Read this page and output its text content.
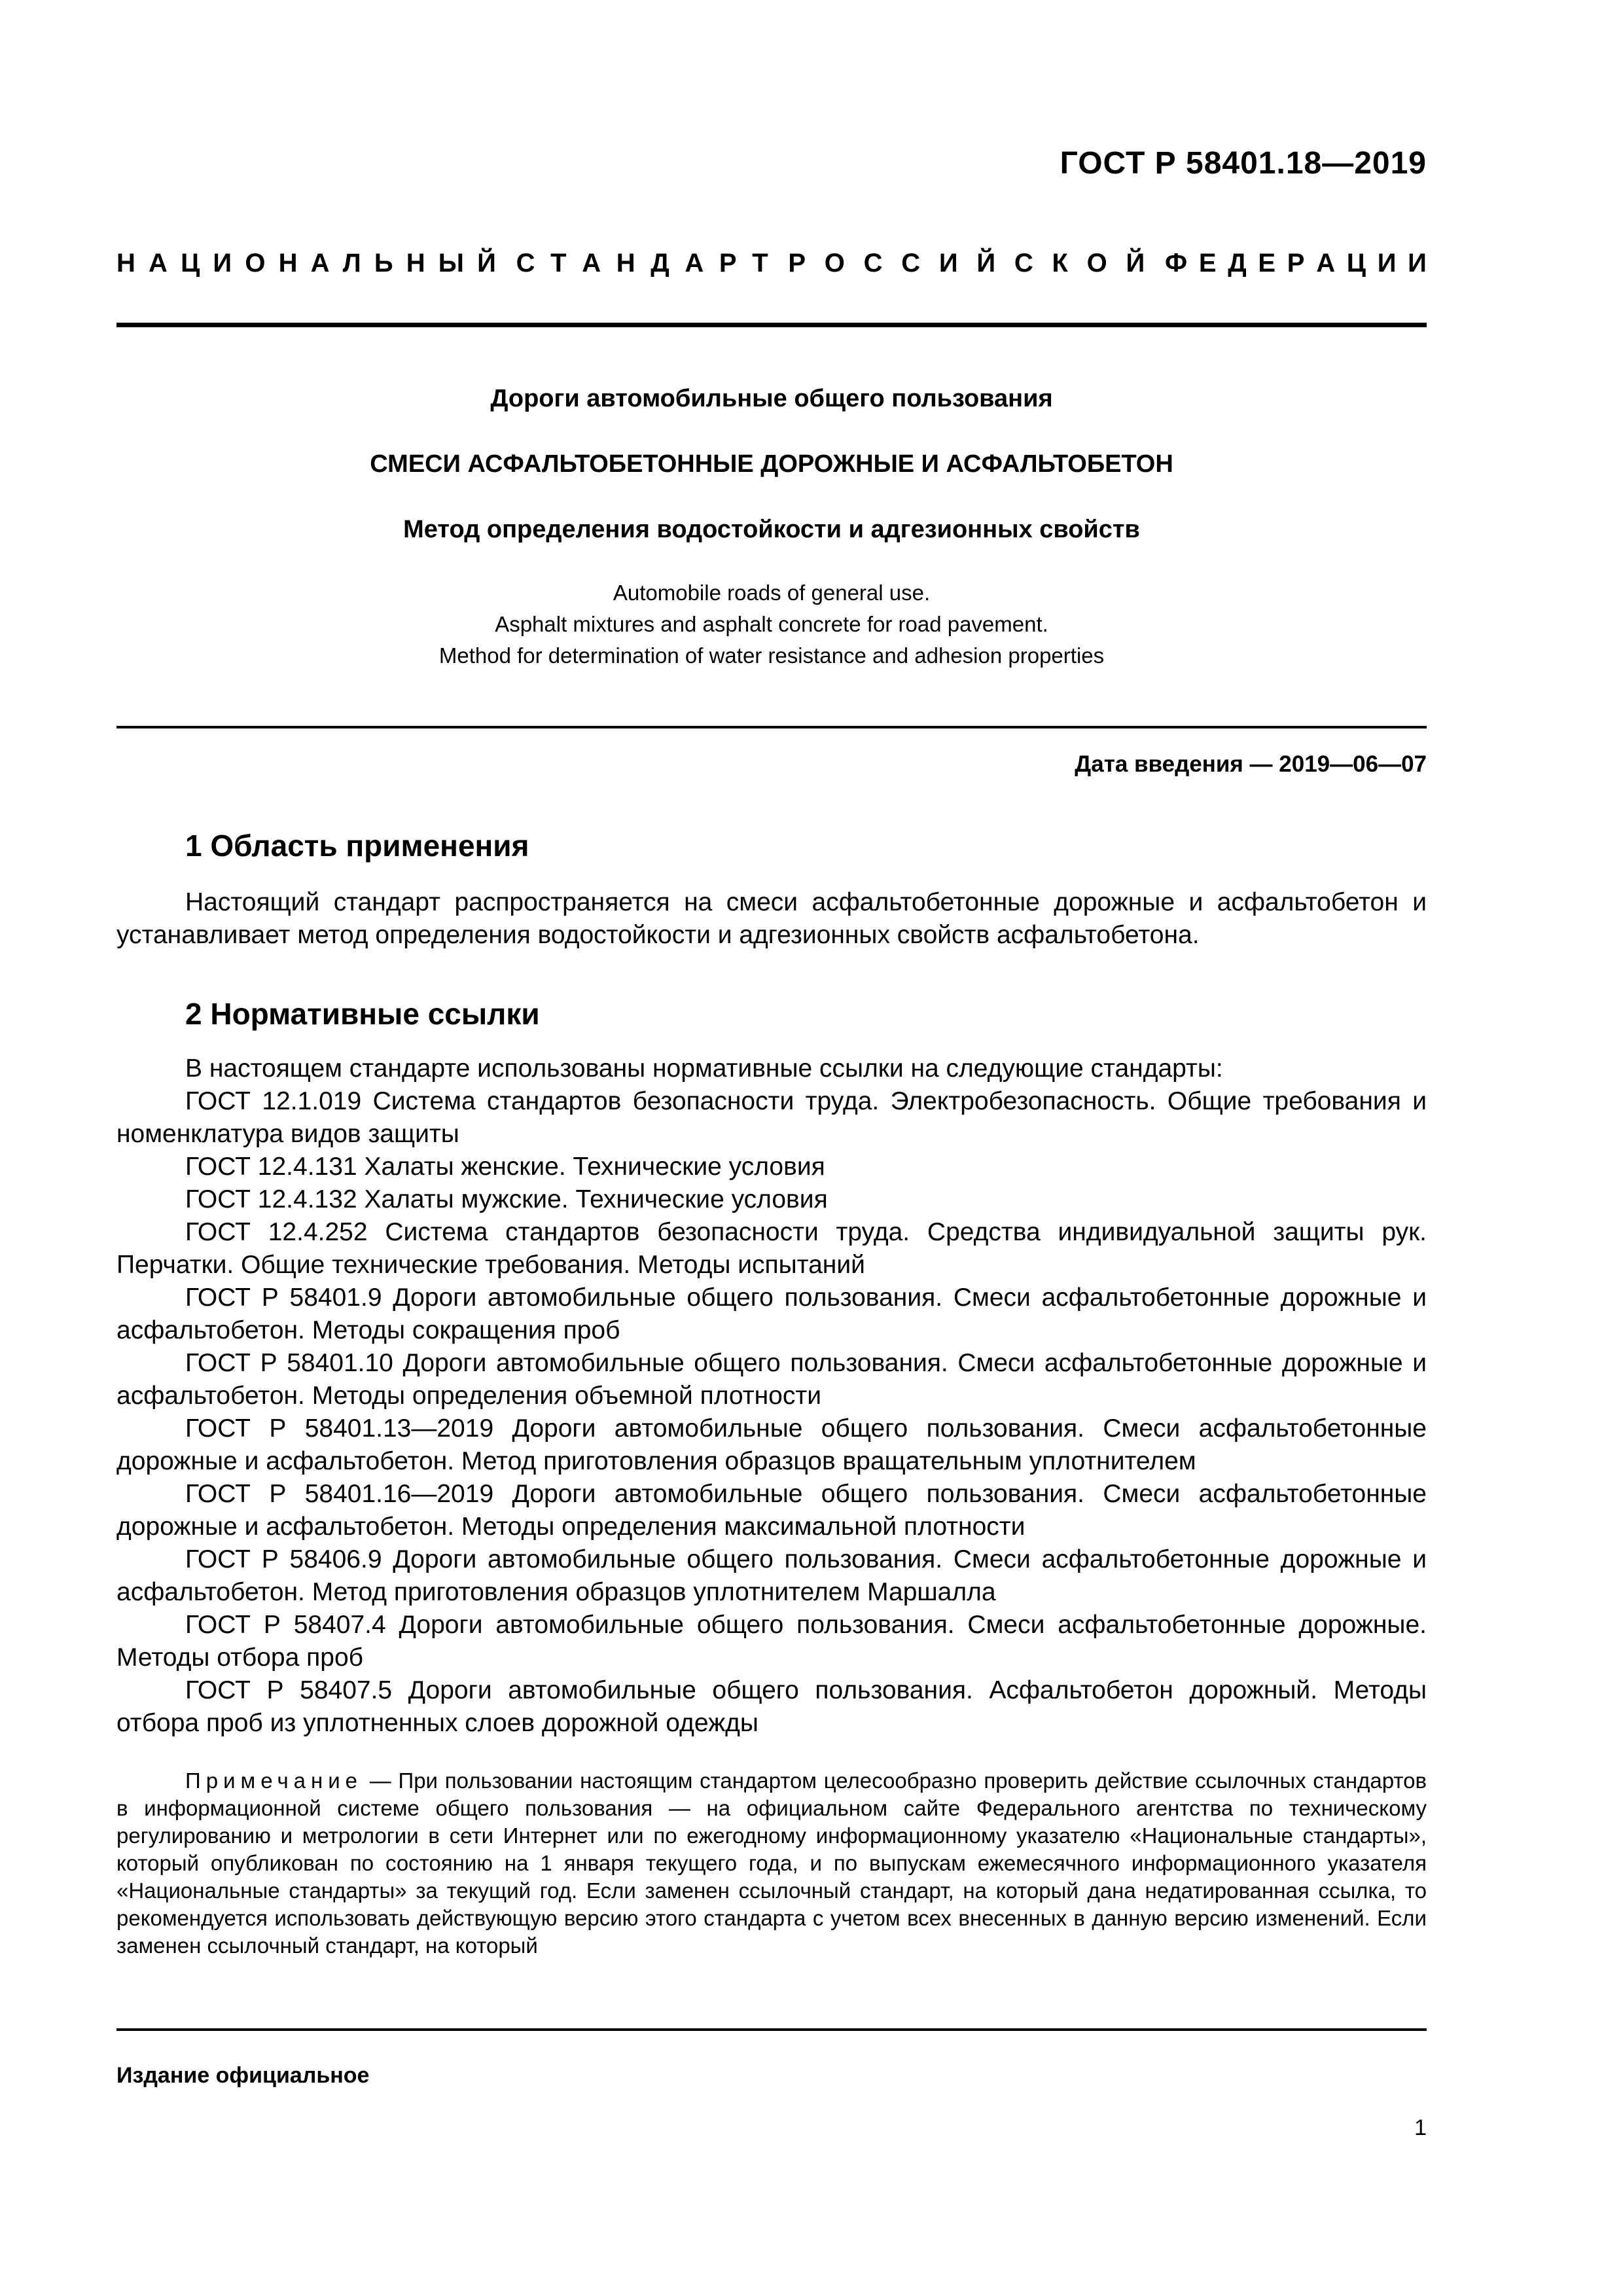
ГОСТ Р 58401.18—2019
Н А Ц И О Н А Л Ь Н Ы Й С Т А Н Д А Р Т Р О С С И Й С К О Й Ф Е Д Е Р А Ц И И
Дороги автомобильные общего пользования
СМЕСИ АСФАЛЬТОБЕТОННЫЕ ДОРОЖНЫЕ И АСФАЛЬТОБЕТОН
Метод определения водостойкости и адгезионных свойств
Automobile roads of general use.
Asphalt mixtures and asphalt concrete for road pavement.
Method for determination of water resistance and adhesion properties
Дата введения — 2019—06—07
1 Область применения
Настоящий стандарт распространяется на смеси асфальтобетонные дорожные и асфальтобетон и устанавливает метод определения водостойкости и адгезионных свойств асфальтобетона.
2 Нормативные ссылки
В настоящем стандарте использованы нормативные ссылки на следующие стандарты:
ГОСТ 12.1.019 Система стандартов безопасности труда. Электробезопасность. Общие требования и номенклатура видов защиты
ГОСТ 12.4.131 Халаты женские. Технические условия
ГОСТ 12.4.132 Халаты мужские. Технические условия
ГОСТ 12.4.252 Система стандартов безопасности труда. Средства индивидуальной защиты рук. Перчатки. Общие технические требования. Методы испытаний
ГОСТ Р 58401.9 Дороги автомобильные общего пользования. Смеси асфальтобетонные дорожные и асфальтобетон. Методы сокращения проб
ГОСТ Р 58401.10 Дороги автомобильные общего пользования. Смеси асфальтобетонные дорожные и асфальтобетон. Методы определения объемной плотности
ГОСТ Р 58401.13—2019 Дороги автомобильные общего пользования. Смеси асфальтобетонные дорожные и асфальтобетон. Метод приготовления образцов вращательным уплотнителем
ГОСТ Р 58401.16—2019 Дороги автомобильные общего пользования. Смеси асфальтобетонные дорожные и асфальтобетон. Методы определения максимальной плотности
ГОСТ Р 58406.9 Дороги автомобильные общего пользования. Смеси асфальтобетонные дорожные и асфальтобетон. Метод приготовления образцов уплотнителем Маршалла
ГОСТ Р 58407.4 Дороги автомобильные общего пользования. Смеси асфальтобетонные дорожные. Методы отбора проб
ГОСТ Р 58407.5 Дороги автомобильные общего пользования. Асфальтобетон дорожный. Методы отбора проб из уплотненных слоев дорожной одежды
Примечание — При пользовании настоящим стандартом целесообразно проверить действие ссылочных стандартов в информационной системе общего пользования — на официальном сайте Федерального агентства по техническому регулированию и метрологии в сети Интернет или по ежегодному информационному указателю «Национальные стандарты», который опубликован по состоянию на 1 января текущего года, и по выпускам ежемесячного информационного указателя «Национальные стандарты» за текущий год. Если заменен ссылочный стандарт, на который дана недатированная ссылка, то рекомендуется использовать действующую версию этого стандарта с учетом всех внесенных в данную версию изменений. Если заменен ссылочный стандарт, на который
Издание официальное
1
